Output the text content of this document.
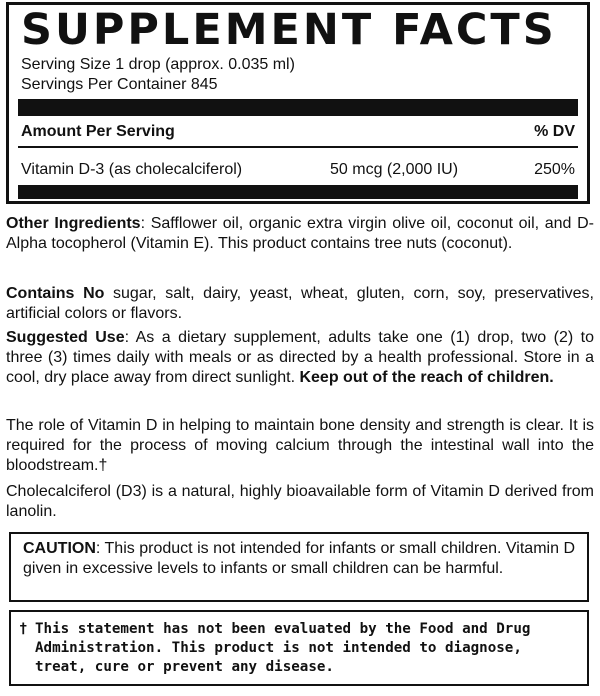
SUPPLEMENT FACTS
Serving Size 1 drop (approx. 0.035 ml)
Servings Per Container 845
Amount Per Serving	% DV
Vitamin D-3 (as cholecalciferol)	50 mcg (2,000 IU)	250%
Other Ingredients: Safflower oil, organic extra virgin olive oil, coconut oil, and D-Alpha tocopherol (Vitamin E). This product contains tree nuts (coconut).
Contains No sugar, salt, dairy, yeast, wheat, gluten, corn, soy, preservatives, artificial colors or flavors.
Suggested Use: As a dietary supplement, adults take one (1) drop, two (2) to three (3) times daily with meals or as directed by a health professional. Store in a cool, dry place away from direct sunlight. Keep out of the reach of children.
The role of Vitamin D in helping to maintain bone density and strength is clear. It is required for the process of moving calcium through the intestinal wall into the bloodstream.†
Cholecalciferol (D3) is a natural, highly bioavailable form of Vitamin D derived from lanolin.
CAUTION: This product is not intended for infants or small children. Vitamin D given in excessive levels to infants or small children can be harmful.
† This statement has not been evaluated by the Food and Drug Administration. This product is not intended to diagnose, treat, cure or prevent any disease.
